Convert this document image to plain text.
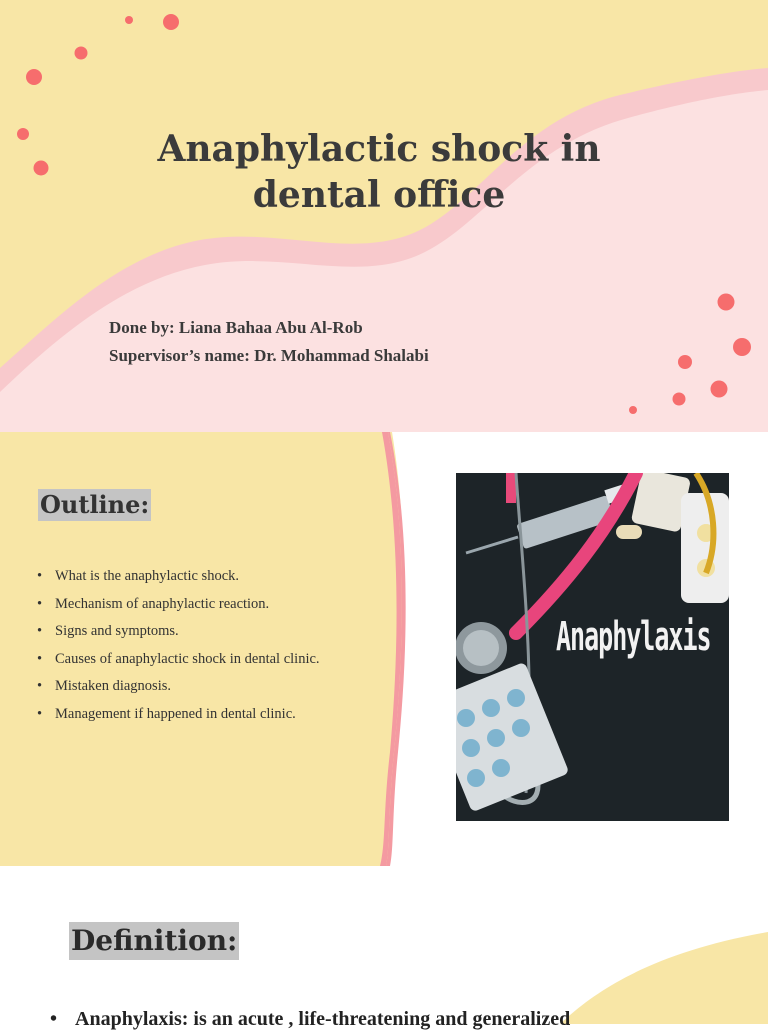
Anaphylactic shock in
dental office

Done by: Liana Bahaa Abu Al-Rob

Supervisor’s name: Dr. Mohammad Shalabi

Outline:
• What is the anaphylactic shock.
• Mechanism of anaphylactic reaction.
• Signs and symptoms.
• Causes of anaphylactic shock in dental clinic.
• Mistaken diagnosis.
• Management if happened in dental clinic.
Anaphylaxis
Definition:

• Anaphylaxis: is an acute , life-threatening and generalized
